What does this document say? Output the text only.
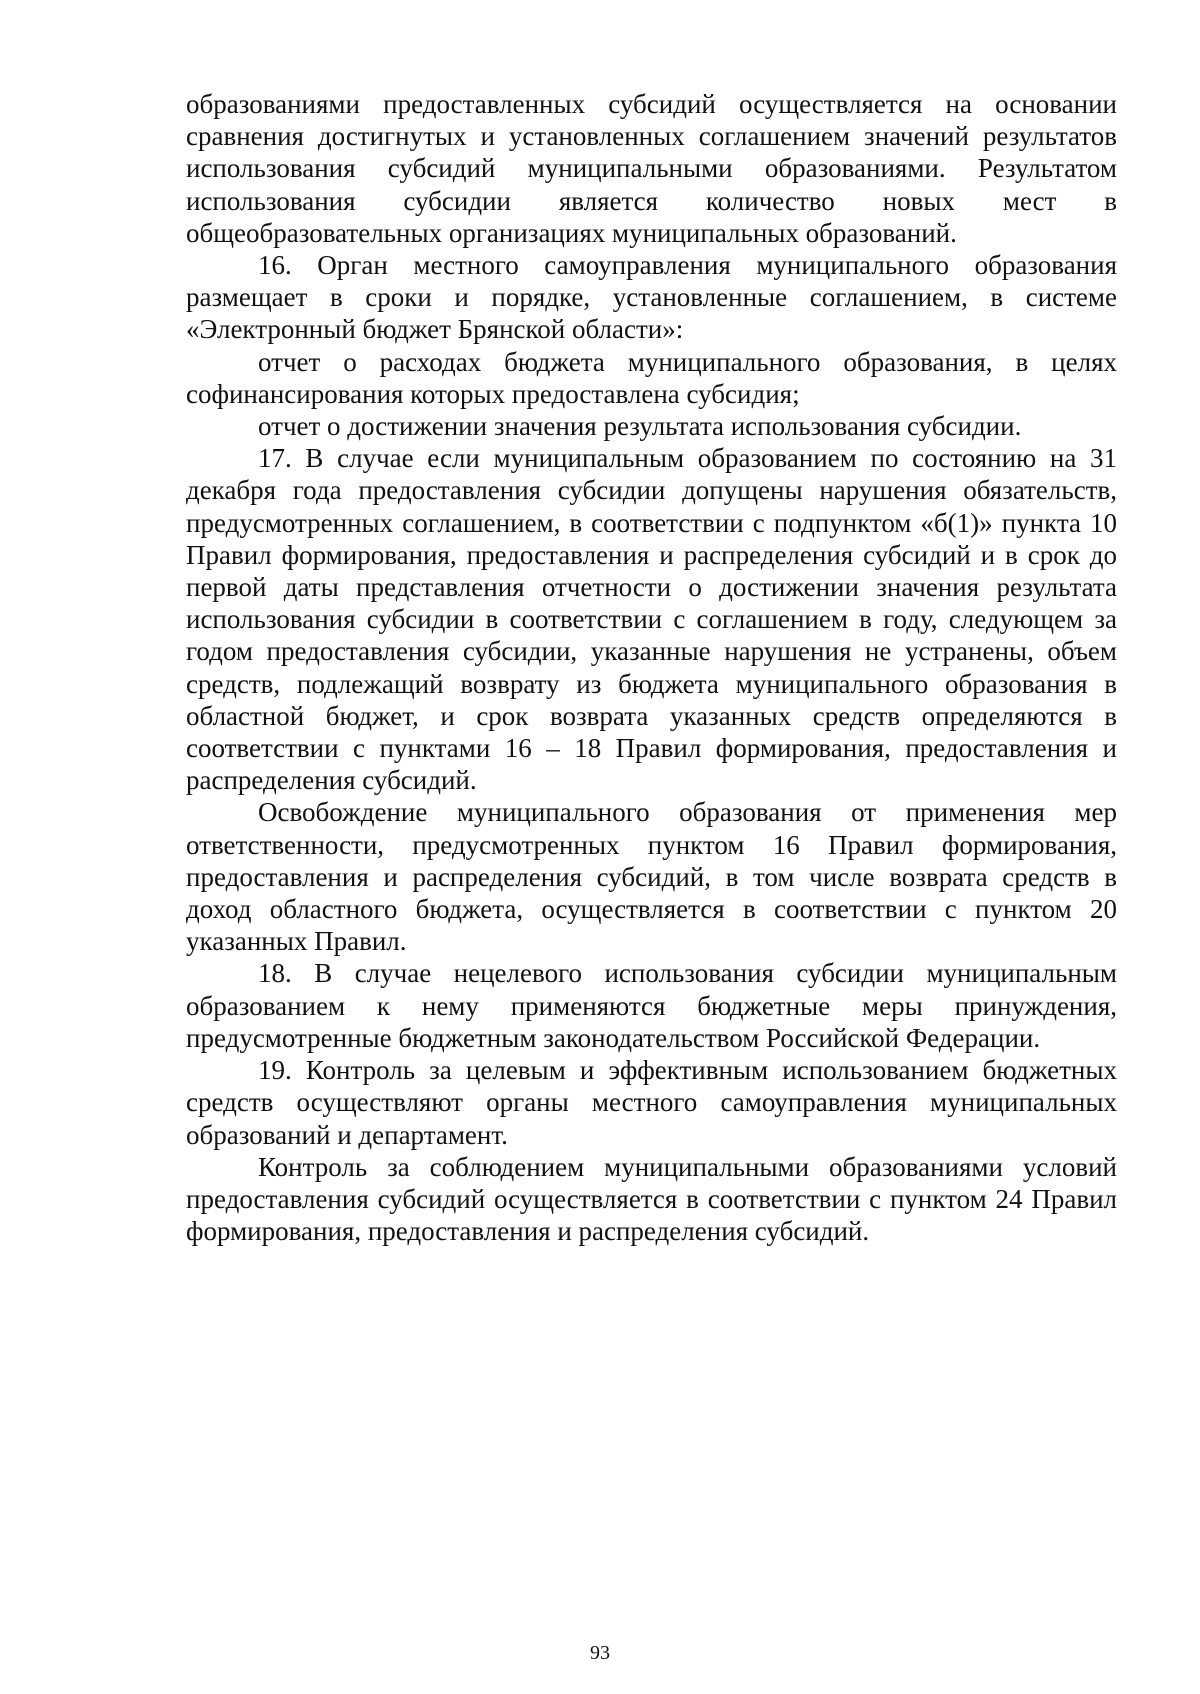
образованиями предоставленных субсидий осуществляется на основании сравнения достигнутых и установленных соглашением значений результатов использования субсидий муниципальными образованиями. Результатом использования субсидии является количество новых мест в общеобразовательных организациях муниципальных образований.

16. Орган местного самоуправления муниципального образования размещает в сроки и порядке, установленные соглашением, в системе «Электронный бюджет Брянской области»:

отчет о расходах бюджета муниципального образования, в целях софинансирования которых предоставлена субсидия;

отчет о достижении значения результата использования субсидии.

17. В случае если муниципальным образованием по состоянию на 31 декабря года предоставления субсидии допущены нарушения обязательств, предусмотренных соглашением, в соответствии с подпунктом «б(1)» пункта 10 Правил формирования, предоставления и распределения субсидий и в срок до первой даты представления отчетности о достижении значения результата использования субсидии в соответствии с соглашением в году, следующем за годом предоставления субсидии, указанные нарушения не устранены, объем средств, подлежащий возврату из бюджета муниципального образования в областной бюджет, и срок возврата указанных средств определяются в соответствии с пунктами 16 – 18 Правил формирования, предоставления и распределения субсидий.

Освобождение муниципального образования от применения мер ответственности, предусмотренных пунктом 16 Правил формирования, предоставления и распределения субсидий, в том числе возврата средств в доход областного бюджета, осуществляется в соответствии с пунктом 20 указанных Правил.

18. В случае нецелевого использования субсидии муниципальным образованием к нему применяются бюджетные меры принуждения, предусмотренные бюджетным законодательством Российской Федерации.

19. Контроль за целевым и эффективным использованием бюджетных средств осуществляют органы местного самоуправления муниципальных образований и департамент.

Контроль за соблюдением муниципальными образованиями условий предоставления субсидий осуществляется в соответствии с пунктом 24 Правил формирования, предоставления и распределения субсидий.

93
